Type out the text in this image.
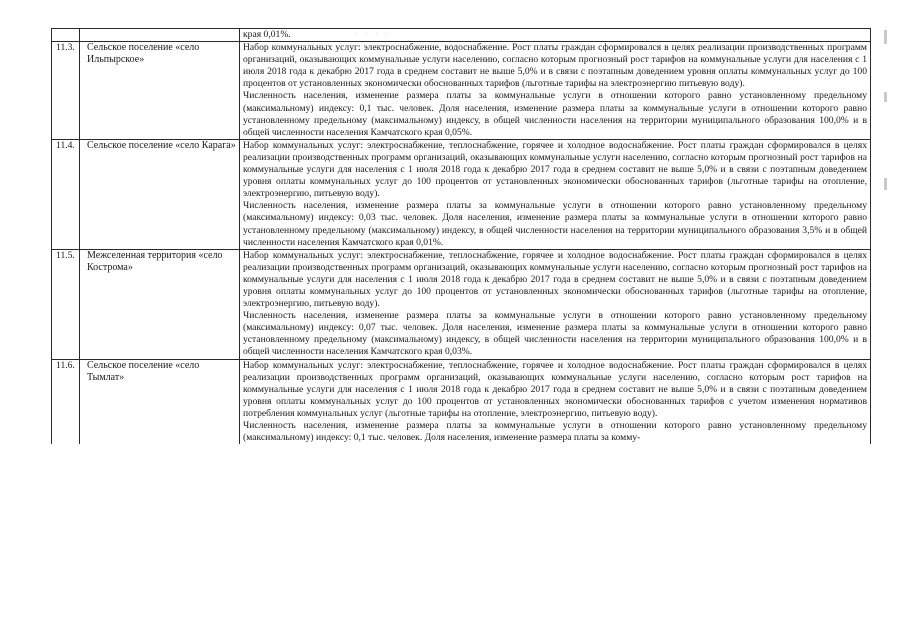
· · · ·

		края 0,01%.

11.3.	Сельское поселение «село Ильпырское»	Набор коммунальных услуг: электроснабжение, водоснабжение. Рост платы граждан сформировался в целях реализации производственных программ организаций, оказывающих коммунальные услуги населению, согласно которым прогнозный рост тарифов на коммунальные услуги для населения с 1 июля 2018 года к декабрю 2017 года в среднем составит не выше 5,0% и в связи с поэтапным доведением уровня оплаты коммунальных услуг до 100 процентов от установленных экономически обоснованных тарифов (льготные тарифы на электроэнергию питьевую воду).

Численность населения, изменение размера платы за коммунальные услуги в отношении которого равно установленному предельному (максимальному) индексу: 0,1 тыс. человек. Доля населения, изменение размера платы за коммунальные услуги в отношении которого равно установленному предельному (максимальному) индексу, в общей численности населения на территории муниципального образования 100,0% и в общей численности населения Камчатского края 0,05%.

11.4.	Сельское поселение «село Карага»	Набор коммунальных услуг: электроснабжение, теплоснабжение, горячее и холодное водоснабжение. Рост платы граждан сформировался в целях реализации производственных программ организаций, оказывающих коммунальные услуги населению, согласно которым прогнозный рост тарифов на коммунальные услуги для населения с 1 июля 2018 года к декабрю 2017 года в среднем составит не выше 5,0% и в связи с поэтапным доведением уровня оплаты коммунальных услуг до 100 процентов от установленных экономически обоснованных тарифов (льготные тарифы на отопление, электроэнергию, питьевую воду).

Численность населения, изменение размера платы за коммунальные услуги в отношении которого равно установленному предельному (максимальному) индексу: 0,03 тыс. человек. Доля населения, изменение размера платы за коммунальные услуги в отношении которого равно установленному предельному (максимальному) индексу, в общей численности населения на территории муниципального образования 3,5% и в общей численности населения Камчатского края 0,01%.

11.5.	Межселенная территория «село Кострома»	Набор коммунальных услуг: электроснабжение, теплоснабжение, горячее и холодное водоснабжение. Рост платы граждан сформировался в целях реализации производственных программ организаций, оказывающих коммунальные услуги населению, согласно которым прогнозный рост тарифов на коммунальные услуги для населения с 1 июля 2018 года к декабрю 2017 года в среднем составит не выше 5,0% и в связи с поэтапным доведением уровня оплаты коммунальных услуг до 100 процентов от установленных экономически обоснованных тарифов (льготные тарифы на отопление, электроэнергию, питьевую воду).

Численность населения, изменение размера платы за коммунальные услуги в отношении которого равно установленному предельному (максимальному) индексу: 0,07 тыс. человек. Доля населения, изменение размера платы за коммунальные услуги в отношении которого равно установленному предельному (максимальному) индексу, в общей численности населения на территории муниципального образования 100,0% и в общей численности населения Камчатского края 0,03%.

11.6.	Сельское поселение «село Тымлат»	Набор коммунальных услуг: электроснабжение, теплоснабжение, горячее и холодное водоснабжение. Рост платы граждан сформировался в целях реализации производственных программ организаций, оказывающих коммунальные услуги населению, согласно которым рост тарифов на коммунальные услуги для населения с 1 июля 2018 года к декабрю 2017 года в среднем составит не выше 5,0% и в связи с поэтапным доведением уровня оплаты коммунальных услуг до 100 процентов от установленных экономически обоснованных тарифов с учетом изменения нормативов потребления коммунальных услуг (льготные тарифы на отопление, электроэнергию, питьевую воду).

Численность населения, изменение размера платы за коммунальные услуги в отношении которого равно установленному предельному (максимальному) индексу: 0,1 тыс. человек. Доля населения, изменение размера платы за комму-
